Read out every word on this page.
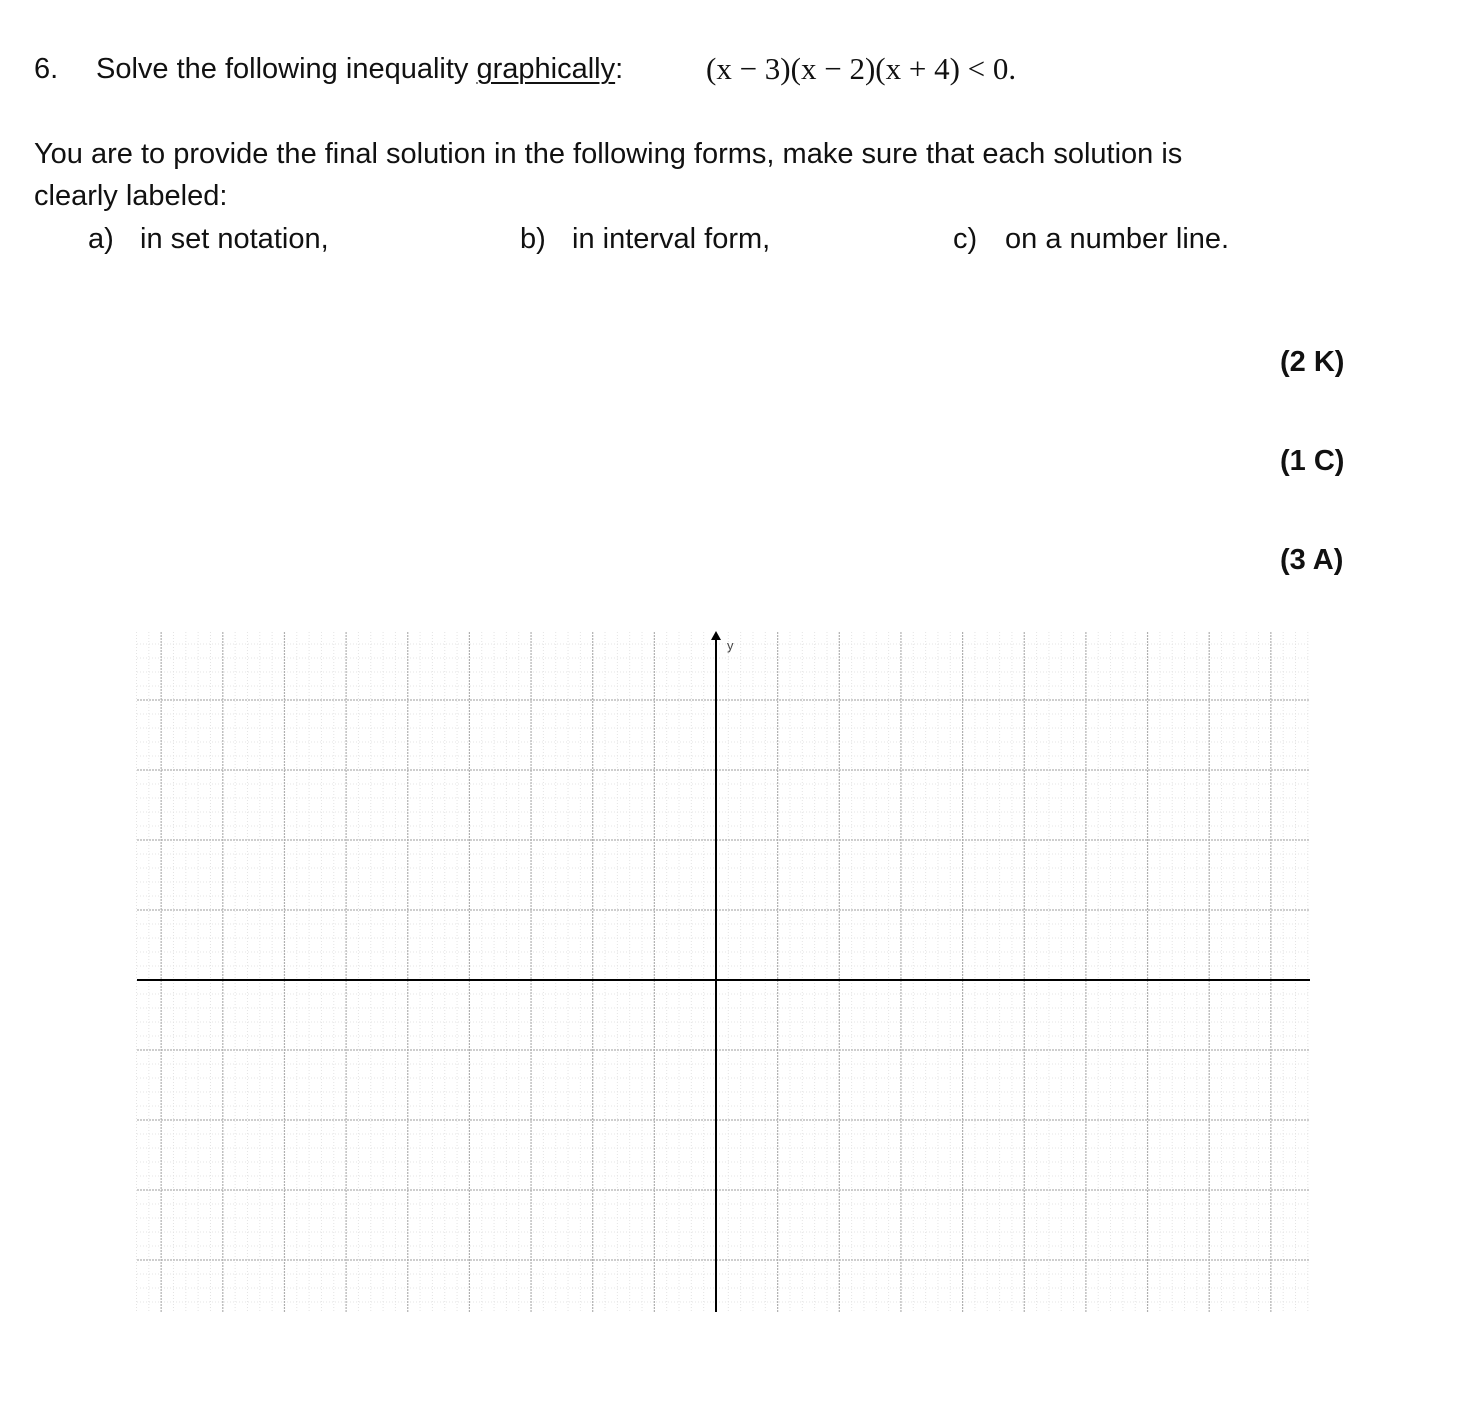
6. Solve the following inequality graphically:	(x − 3)(x − 2)(x + 4) < 0.
You are to provide the final solution in the following forms, make sure that each solution is
clearly labeled:
a) in set notation,	b) in interval form,	c) on a number line.
(2 K)
(1 C)
(3 A)
y
